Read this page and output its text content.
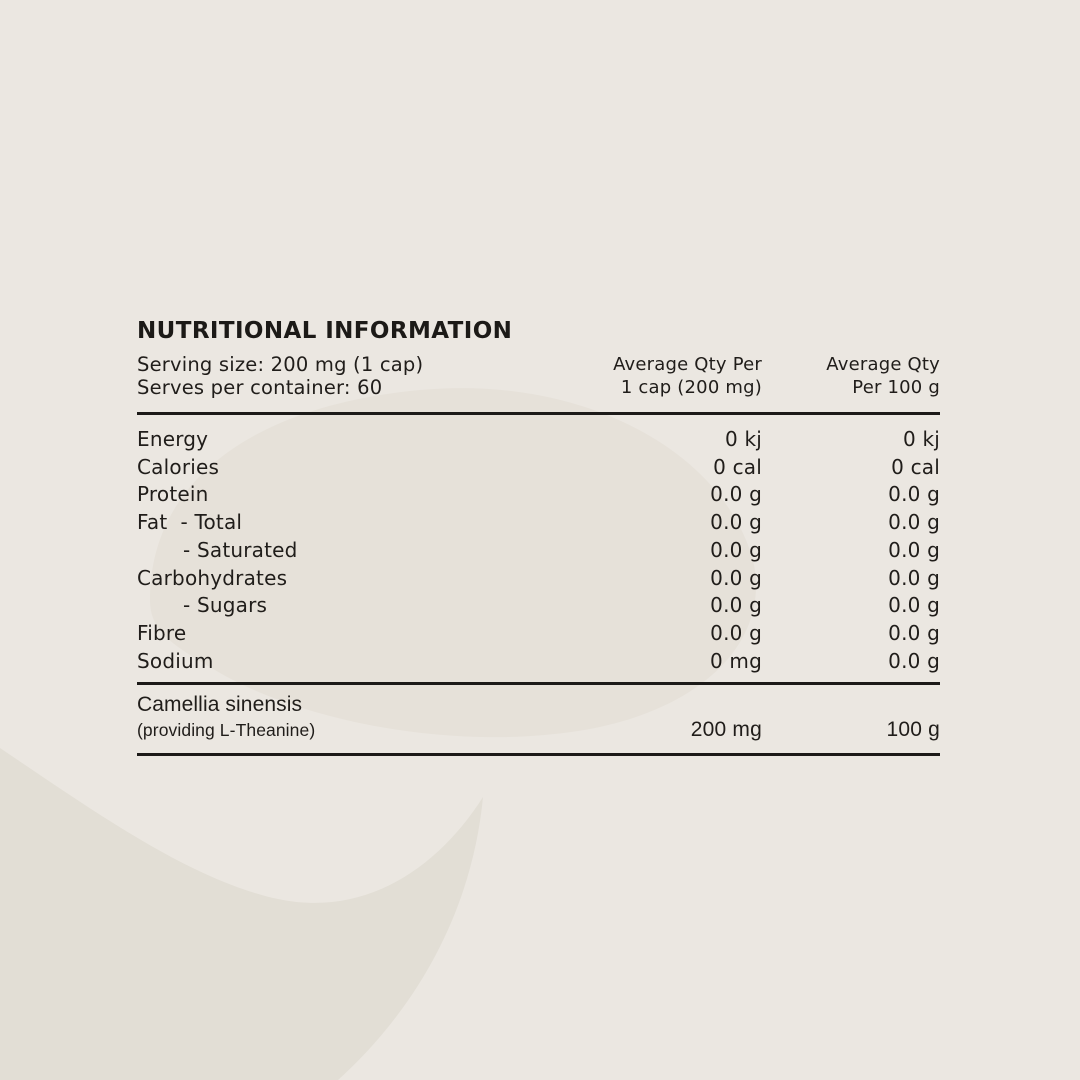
NUTRITIONAL INFORMATION
Serving size: 200 mg (1 cap)
Serves per container: 60
Average Qty Per
1 cap (200 mg)
Average Qty
Per 100 g
Energy	0 kj	0 kj
Calories	0 cal	0 cal
Protein	0.0 g	0.0 g
Fat  - Total	0.0 g	0.0 g
- Saturated	0.0 g	0.0 g
Carbohydrates	0.0 g	0.0 g
- Sugars	0.0 g	0.0 g
Fibre	0.0 g	0.0 g
Sodium	0 mg	0.0 g
Camellia sinensis
(providing L-Theanine)	200 mg	100 g
